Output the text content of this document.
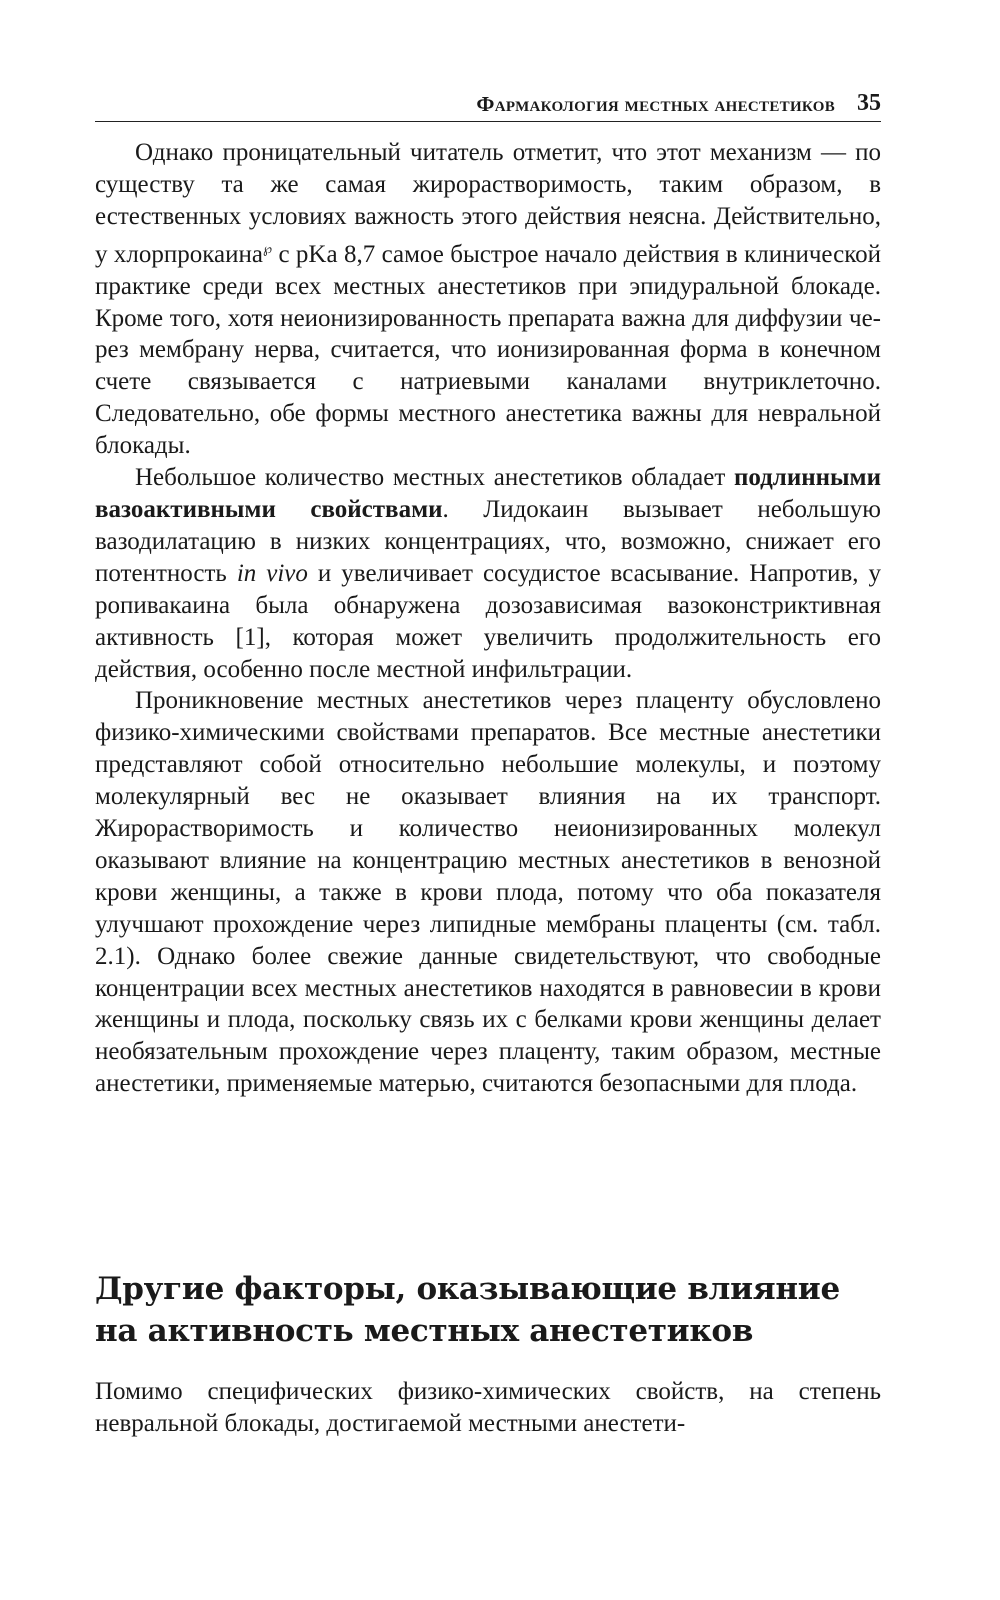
Фармакология местных анестетиков 35

Однако проницательный читатель отметит, что этот механизм — по существу та же самая жирорастворимость, таким образом, в естественных условиях важность этого действия неясна. Действительно, у хлорпрокаина℘ с pKa 8,7 самое быстрое начало действия в клинической практике среди всех местных анестетиков при эпидуральной блокаде. Кроме того, хотя неионизированность препарата важна для диффузии через мембрану нерва, считается, что ионизированная форма в конечном счете связывается с натриевыми каналами внутриклеточно. Следовательно, обе формы местного анестетика важны для невральной блокады.

Небольшое количество местных анестетиков обладает подлинными вазоактивными свойствами. Лидокаин вызывает небольшую вазодилатацию в низких концентрациях, что, возможно, снижает его потентность in vivo и увеличивает сосудистое всасывание. Напротив, у ропивакаина была обнаружена дозозависимая вазоконстриктивная активность [1], которая может увеличить продолжительность его действия, особенно после местной инфильтрации.

Проникновение местных анестетиков через плаценту обусловлено физико-химическими свойствами препаратов. Все местные анестетики представляют собой относительно небольшие молекулы, и поэтому молекулярный вес не оказывает влияния на их транспорт. Жирорастворимость и количество неионизированных молекул оказывают влияние на концентрацию местных анестетиков в венозной крови женщины, а также в крови плода, потому что оба показателя улучшают прохождение через липидные мембраны плаценты (см. табл. 2.1). Однако более свежие данные свидетельствуют, что свободные концентрации всех местных анестетиков находятся в равновесии в крови женщины и плода, поскольку связь их с белками крови женщины делает необязательным прохождение через плаценту, таким образом, местные анестетики, применяемые матерью, считаются безопасными для плода.

Другие факторы, оказывающие влияние
на активность местных анестетиков

Помимо специфических физико-химических свойств, на степень невральной блокады, достигаемой местными анестети-
